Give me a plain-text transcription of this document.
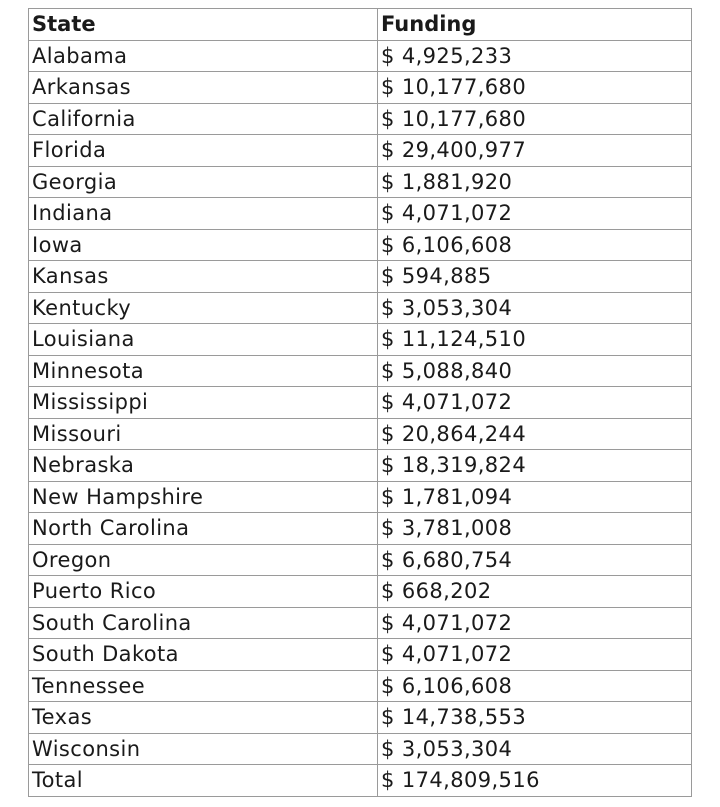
State	Funding
Alabama	$ 4,925,233
Arkansas	$ 10,177,680
California	$ 10,177,680
Florida	$ 29,400,977
Georgia	$ 1,881,920
Indiana	$ 4,071,072
Iowa	$ 6,106,608
Kansas	$ 594,885
Kentucky	$ 3,053,304
Louisiana	$ 11,124,510
Minnesota	$ 5,088,840
Mississippi	$ 4,071,072
Missouri	$ 20,864,244
Nebraska	$ 18,319,824
New Hampshire	$ 1,781,094
North Carolina	$ 3,781,008
Oregon	$ 6,680,754
Puerto Rico	$ 668,202
South Carolina	$ 4,071,072
South Dakota	$ 4,071,072
Tennessee	$ 6,106,608
Texas	$ 14,738,553
Wisconsin	$ 3,053,304
Total	$ 174,809,516
